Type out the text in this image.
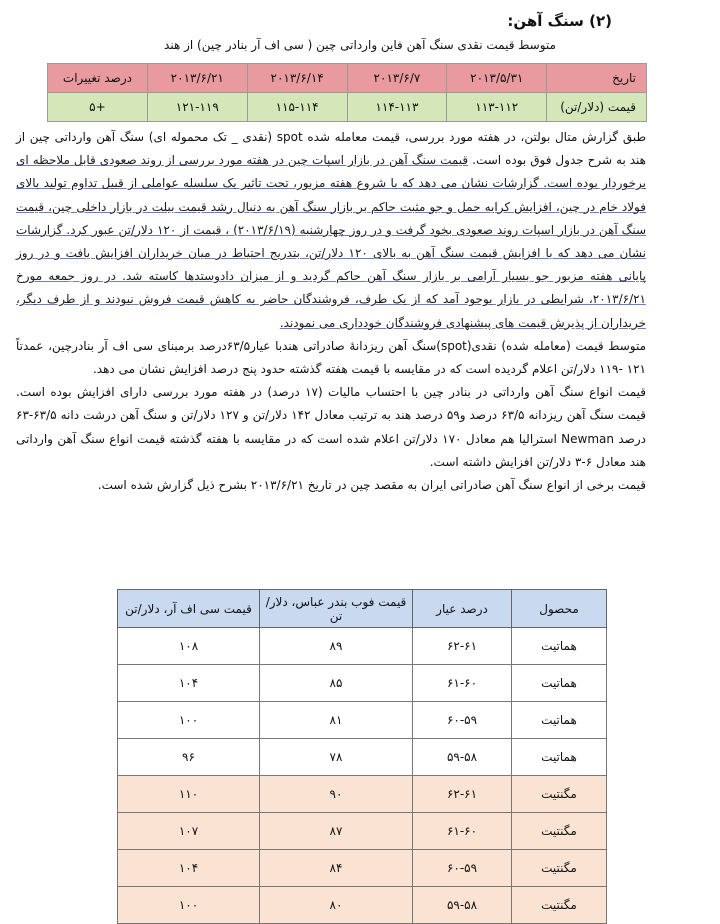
(۲) سنگ آهن:
متوسط قیمت نقدی سنگ آهن فاین وارداتی چین ( سی اف آر بنادر چین) از هند
تاریخ	۲۰۱۳/۵/۳۱	۲۰۱۳/۶/۷	۲۰۱۳/۶/۱۴	۲۰۱۳/۶/۲۱	درصد تغییرات
قیمت (دلار/تن)	۱۱۳-۱۱۲	۱۱۴-۱۱۳	۱۱۵-۱۱۴	۱۲۱-۱۱۹	+۵

طبق گزارش متال بولتن، در هفته مورد بررسی، قیمت معامله شده spot (نقدی _ تک محموله ای) سنگ آهن وارداتی چین از هند به شرح جدول فوق بوده است. قیمت سنگ آهن در بازار اسپات چین در هفته مورد بررسی از روند صعودی قابل ملاحظه ای برخوردار بوده است. گزارشات نشان می دهد که با شروع هفته مزبور، تحت تاثیر یک سلسله عواملی از قبیل تداوم تولید بالای فولاد خام در چین، افزایش کرایه حمل و جو مثبت حاکم بر بازار سنگ آهن به دنبال رشد قیمت بیلت در بازار داخلی چین، قیمت سنگ آهن در بازار اسپات روند صعودی بخود گرفت و در روز چهارشنبه (۲۰۱۳/۶/۱۹) ، قیمت از ۱۲۰ دلار/تن عبور کرد. گزارشات نشان می دهد که با افزایش قیمت سنگ آهن به بالای ۱۲۰ دلار/تن، بتدریج احتیاط در میان خریداران افزایش یافت و در روز پایانی هفته مزبور جو بسیار آرامی بر بازار سنگ آهن حاکم گردید و از میزان دادوستدها کاسته شد. در روز جمعه مورخ ۲۰۱۳/۶/۲۱، شرایطی در بازار بوجود آمد که از یک طرف، فروشندگان حاضر به کاهش قیمت فروش نبودند و از طرف دیگر، خریداران از پذیرش قیمت های پیشنهادی فروشندگان خودداری می نمودند.

متوسط قیمت (معامله شده) نقدی(spot)سنگ آهن ریزدانهٔ صادراتی هندبا عیار۶۳/۵درصد برمبنای سی اف آر بنادرچین، عمدتاً ۱۲۱ -۱۱۹ دلار/تن اعلام گردیده است که در مقایسه با قیمت هفته گذشته حدود پنج درصد افزایش نشان می دهد.

قیمت انواع سنگ آهن وارداتی در بنادر چین با احتساب مالیات (۱۷ درصد) در هفته مورد بررسی دارای افزایش بوده است. قیمت سنگ آهن ریزدانه ۶۳/۵ درصد و۵۹ درصد هند به ترتیب معادل ۱۴۲ دلار/تن و ۱۲۷ دلار/تن و سنگ آهن درشت دانه ۶۳/۵-۶۳ درصد Newman استرالیا هم معادل ۱۷۰ دلار/تن اعلام شده است که در مقایسه با هفته گذشته قیمت انواع سنگ آهن وارداتی هند معادل ۶-۳ دلار/تن افزایش داشته است.

قیمت برخی از انواع سنگ آهن صادراتی ایران به مقصد چین در تاریخ ۲۰۱۳/۶/۲۱ بشرح ذیل گزارش شده است.

محصول	درصد عیار	قیمت فوب بندر عباس، دلار/تن	قیمت سی اف آر، دلار/تن
هماتیت	۶۲-۶۱	۸۹	۱۰۸
هماتیت	۶۱-۶۰	۸۵	۱۰۴
هماتیت	۶۰-۵۹	۸۱	۱۰۰
هماتیت	۵۹-۵۸	۷۸	۹۶
مگنتیت	۶۲-۶۱	۹۰	۱۱۰
مگنتیت	۶۱-۶۰	۸۷	۱۰۷
مگنتیت	۶۰-۵۹	۸۴	۱۰۴
مگنتیت	۵۹-۵۸	۸۰	۱۰۰
